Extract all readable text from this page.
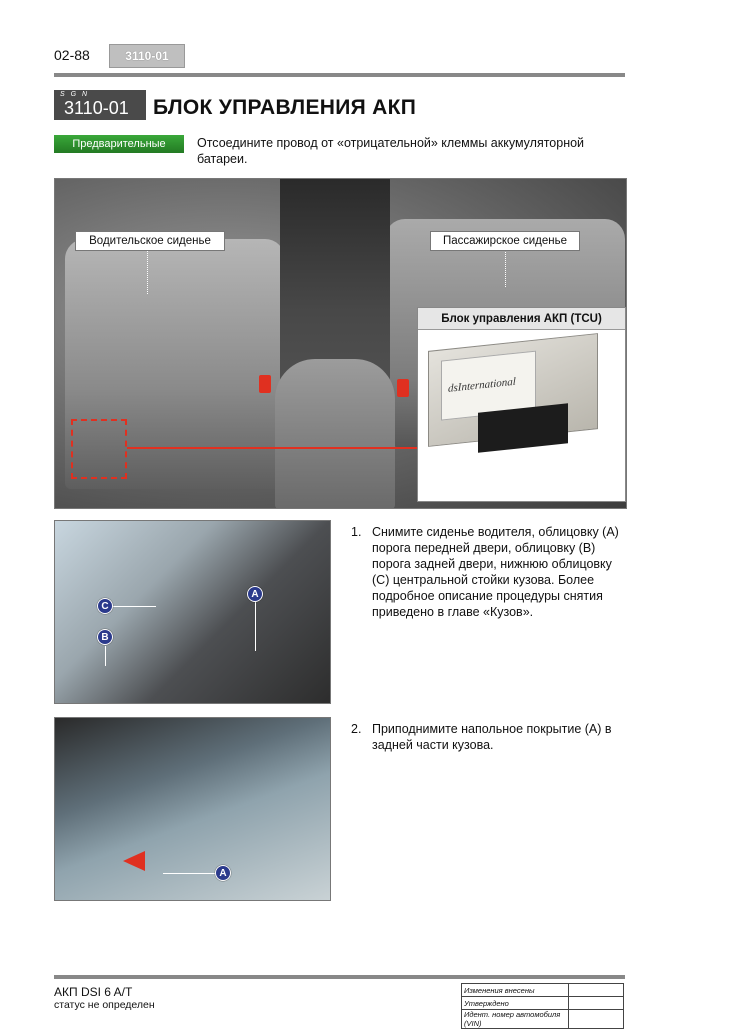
02-88	3110-01
S G N
3110-01 БЛОК УПРАВЛЕНИЯ АКП
Предварительные работы
Отсоедините провод от «отрицательной» клеммы аккумуляторной батареи.
Водительское сиденье	Пассажирское сиденье
Блок управления АКП (TCU)
dsInternational
C
A
B
A
1. Снимите сиденье водителя, облицовку (A) порога передней двери, облицовку (B) порога задней двери, нижнюю облицовку (C) центральной стойки кузова. Более подробное описание процедуры снятия приведено в главе «Кузов».
2. Приподнимите напольное покрытие (A) в задней части кузова.
АКП DSI 6 A/T
статус не определен
Изменения внесены	
Утверждено	
Идент. номер автомобиля (VIN)	
